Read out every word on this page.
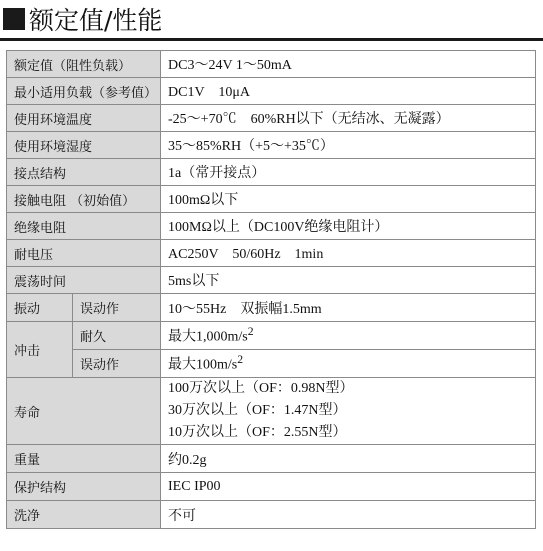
额定值/性能
额定值（阻性负载）		DC3～24V 1～50mA
最小适用负载（参考值）		DC1V　10μA
使用环境温度		-25～+70℃　60%RH以下（无结冰、无凝露）
使用环境湿度		35～85%RH（+5～+35℃）
接点结构		1a（常开接点）
接触电阻 （初始值）		100mΩ以下
绝缘电阻		100MΩ以上（DC100V绝缘电阻计）
耐电压		AC250V　50/60Hz　1min
震荡时间		5ms以下
振动	误动作	10～55Hz　双振幅1.5mm
冲击	耐久	最大$1,000m/s^2$
	误动作	最大$100m/s^2$
寿命		100万次以上（OF：0.98N型）
30万次以上（OF：1.47N型）
10万次以上（OF：2.55N型）

重量		约0.2g
保护结构		IEC IP00
洗净		不可
